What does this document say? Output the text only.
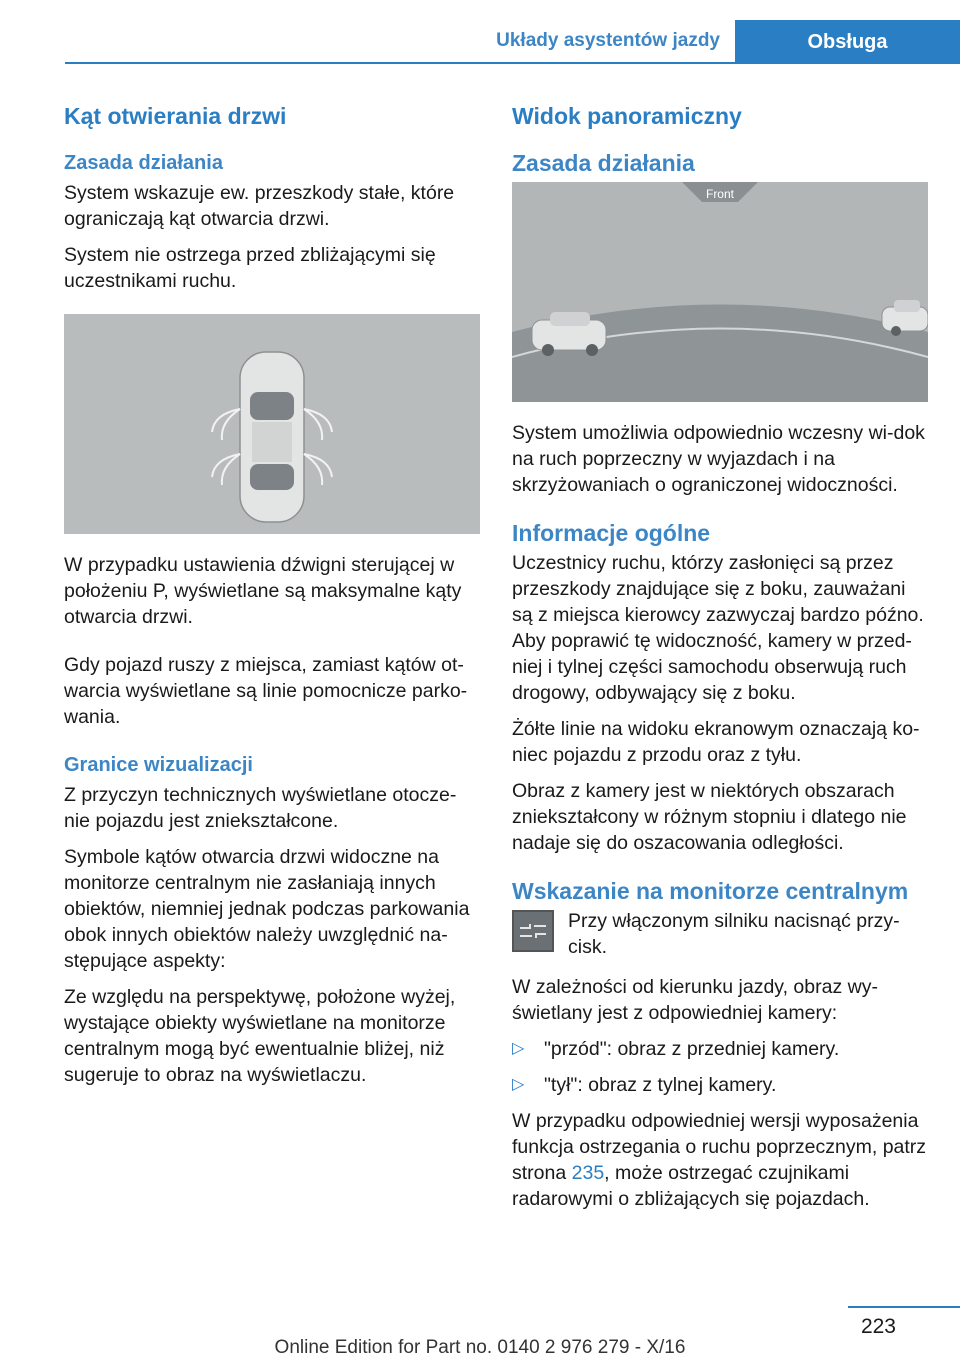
Układy asystentów jazdy	Obsługa
Kąt otwierania drzwi
Zasada działania

System wskazuje ew. przeszkody stałe, które ograniczają kąt otwarcia drzwi.

System nie ostrzega przed zbliżającymi się uczestnikami ruchu.

W przypadku ustawienia dźwigni sterującej w położeniu P, wyświetlane są maksymalne kąty otwarcia drzwi.

Gdy pojazd ruszy z miejsca, zamiast kątów ot-warcia wyświetlane są linie pomocnicze parko-wania.

Granice wizualizacji

Z przyczyn technicznych wyświetlane otocze-nie pojazdu jest zniekształcone.

Symbole kątów otwarcia drzwi widoczne na monitorze centralnym nie zasłaniają innych obiektów, niemniej jednak podczas parkowania obok innych obiektów należy uwzględnić na-stępujące aspekty:

Ze względu na perspektywę, położone wyżej, wystające obiekty wyświetlane na monitorze centralnym mogą być ewentualnie bliżej, niż sugeruje to obraz na wyświetlaczu.

Widok panoramiczny
Zasada działania
Front

System umożliwia odpowiednio wczesny wi-dok na ruch poprzeczny w wyjazdach i na skrzyżowaniach o ograniczonej widoczności.

Informacje ogólne

Uczestnicy ruchu, którzy zasłonięci są przez przeszkody znajdujące się z boku, zauważani są z miejsca kierowcy zazwyczaj bardzo późno. Aby poprawić tę widoczność, kamery w przed-niej i tylnej części samochodu obserwują ruch drogowy, odbywający się z boku.

Żółte linie na widoku ekranowym oznaczają ko-niec pojazdu z przodu oraz z tyłu.

Obraz z kamery jest w niektórych obszarach zniekształcony w różnym stopniu i dlatego nie nadaje się do oszacowania odległości.

Wskazanie na monitorze centralnym

Przy włączonym silniku nacisnąć przy-cisk.

W zależności od kierunku jazdy, obraz wy-świetlany jest z odpowiedniej kamery:

▷ "przód": obraz z przedniej kamery.
▷ "tył": obraz z tylnej kamery.

W przypadku odpowiedniej wersji wyposażenia funkcja ostrzegania o ruchu poprzecznym, patrz strona 235, może ostrzegać czujnikami radarowymi o zbliżających się pojazdach.

223
Online Edition for Part no. 0140 2 976 279 - X/16
